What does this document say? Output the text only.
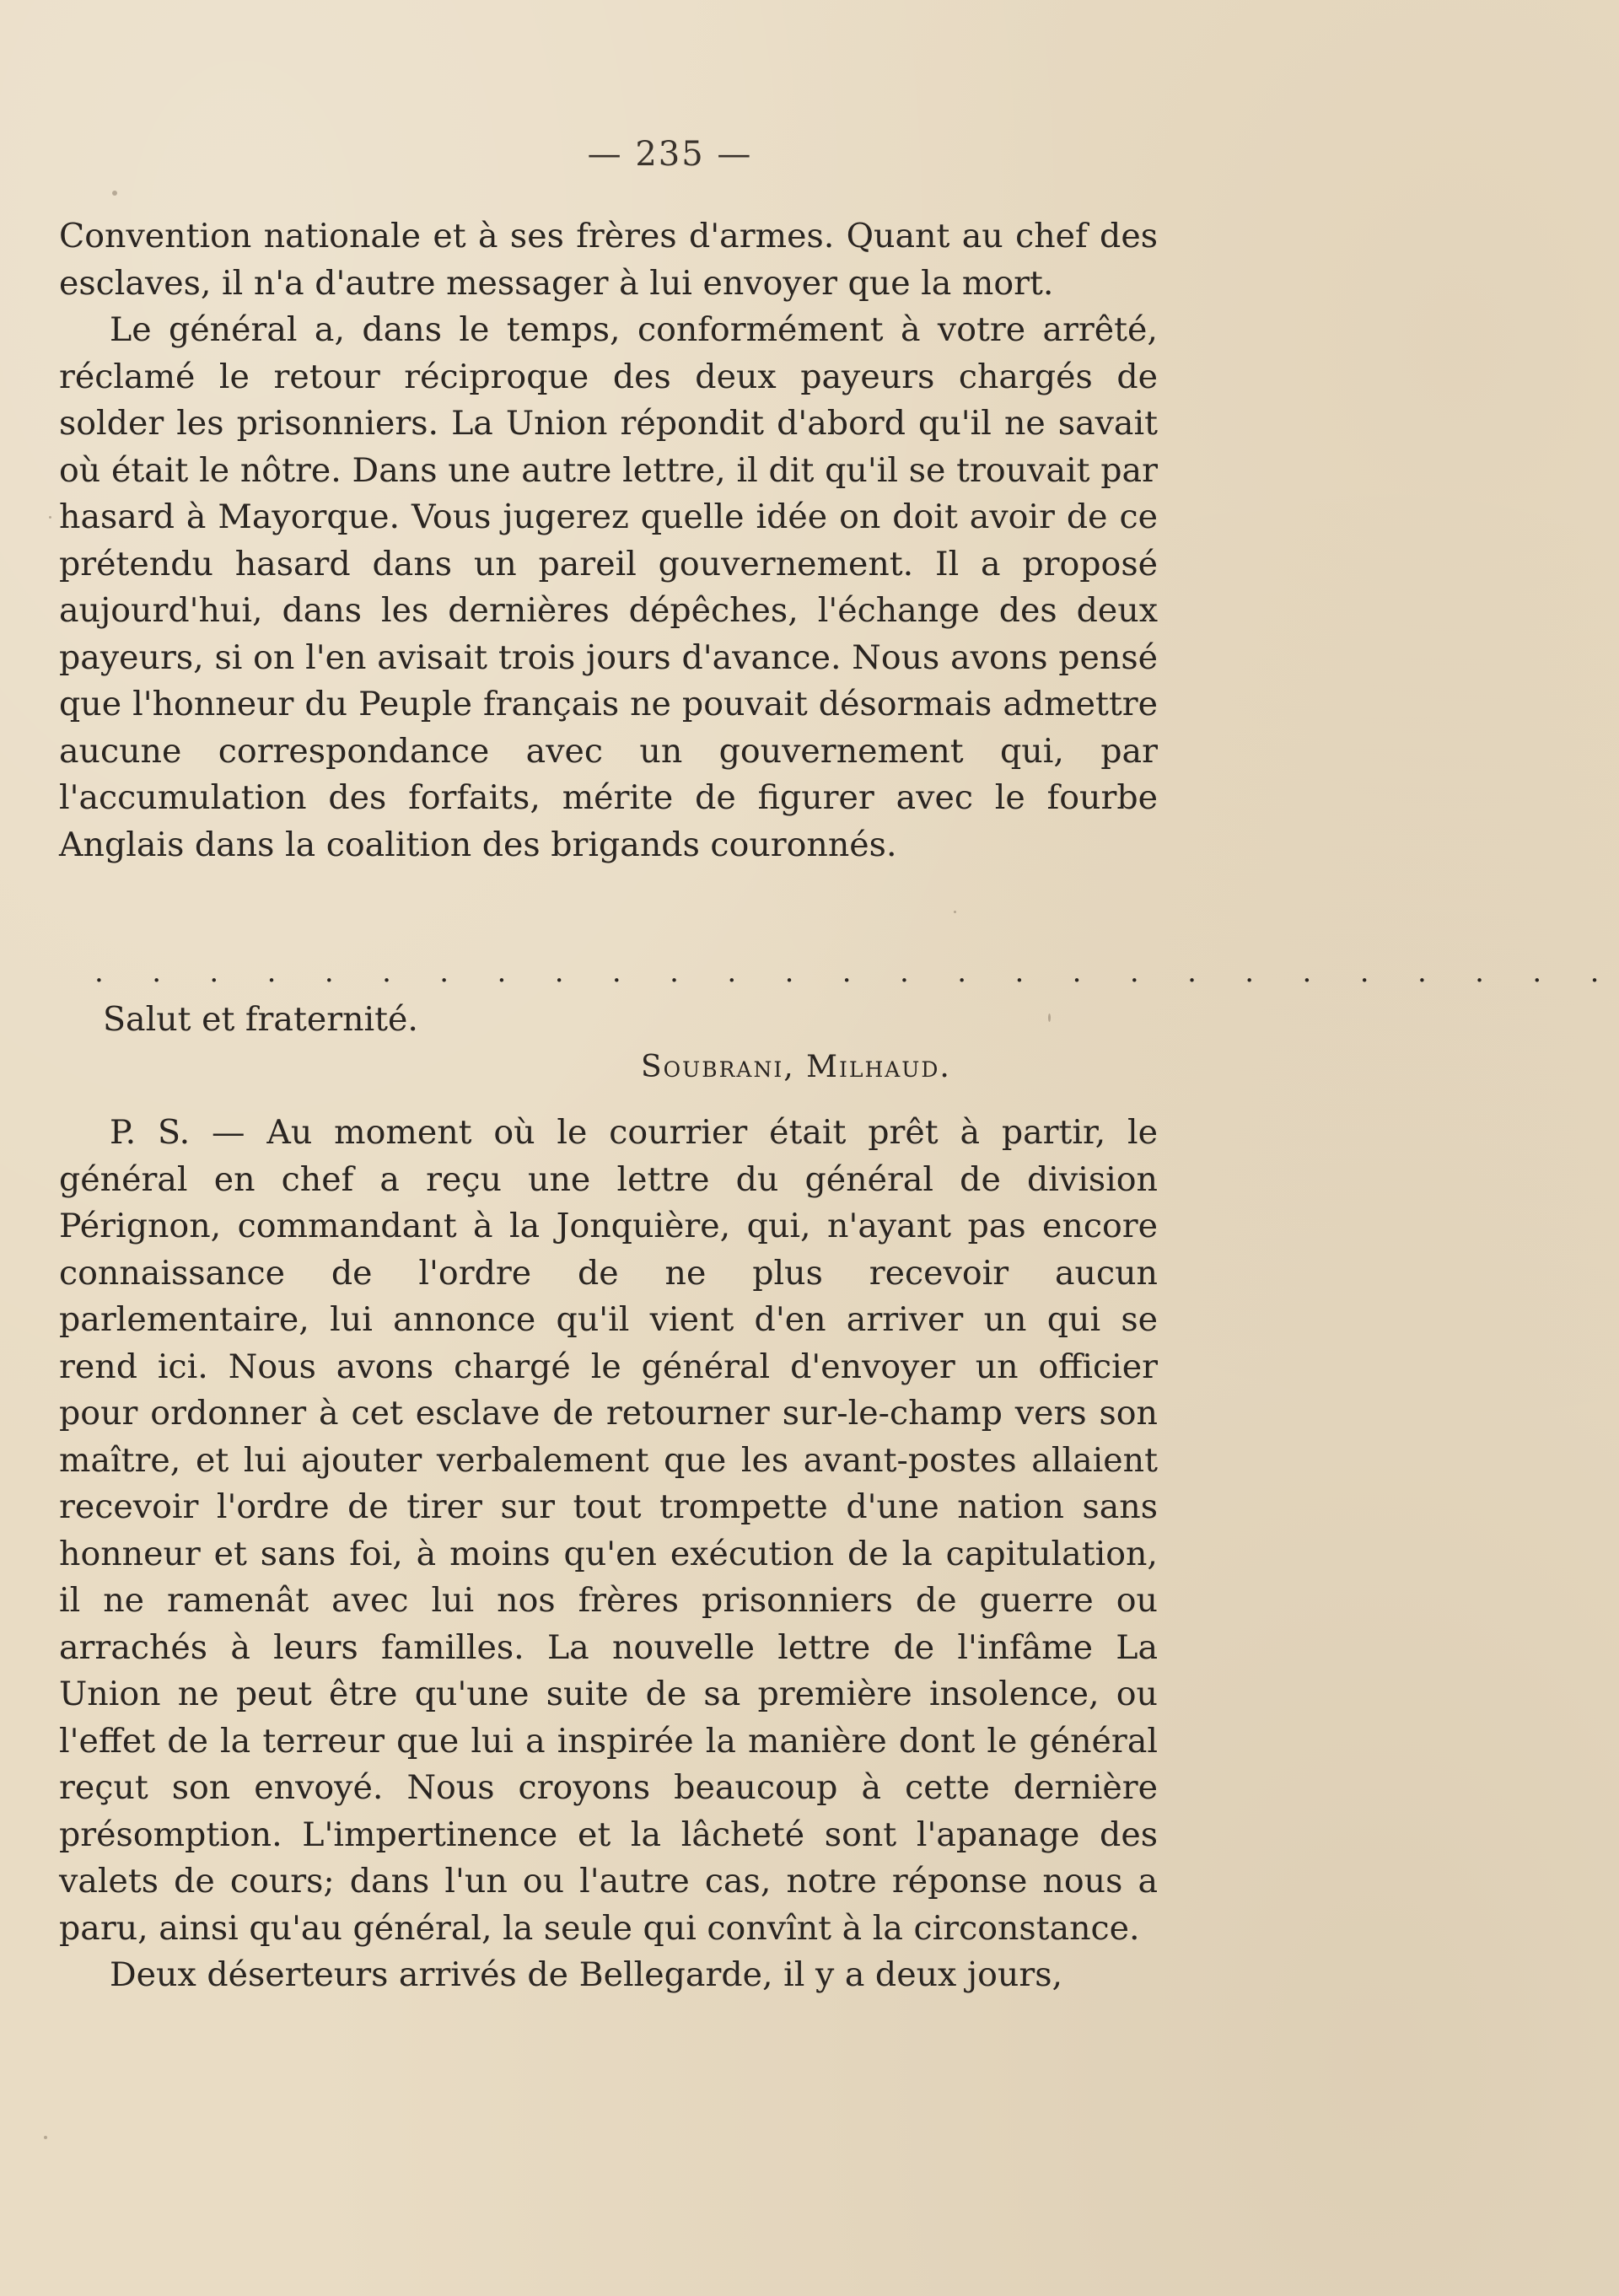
— 235 —

Convention nationale et à ses frères d'armes. Quant au chef des esclaves, il n'a d'autre messager à lui envoyer que la mort.

Le général a, dans le temps, conformément à votre arrêté, réclamé le retour réciproque des deux payeurs chargés de solder les prisonniers. La Union répondit d'abord qu'il ne savait où était le nôtre. Dans une autre lettre, il dit qu'il se trouvait par hasard à Mayorque. Vous jugerez quelle idée on doit avoir de ce prétendu hasard dans un pareil gouvernement. Il a proposé aujourd'hui, dans les dernières dépêches, l'échange des deux payeurs, si on l'en avisait trois jours d'avance. Nous avons pensé que l'honneur du Peuple français ne pouvait désormais admettre aucune correspondance avec un gouvernement qui, par l'accumulation des forfaits, mérite de figurer avec le fourbe Anglais dans la coalition des brigands couronnés.

. . . . . . . . . . . . . . . . . . . . . . . . . . .
Salut et fraternité.
Soubrani, Milhaud.

P. S. — Au moment où le courrier était prêt à partir, le général en chef a reçu une lettre du général de division Pérignon, commandant à la Jonquière, qui, n'ayant pas encore connaissance de l'ordre de ne plus recevoir aucun parlementaire, lui annonce qu'il vient d'en arriver un qui se rend ici. Nous avons chargé le général d'envoyer un officier pour ordonner à cet esclave de retourner sur-le-champ vers son maître, et lui ajouter verbalement que les avant-postes allaient recevoir l'ordre de tirer sur tout trompette d'une nation sans honneur et sans foi, à moins qu'en exécution de la capitulation, il ne ramenât avec lui nos frères prisonniers de guerre ou arrachés à leurs familles. La nouvelle lettre de l'infâme La Union ne peut être qu'une suite de sa première insolence, ou l'effet de la terreur que lui a inspirée la manière dont le général reçut son envoyé. Nous croyons beaucoup à cette dernière présomption. L'impertinence et la lâcheté sont l'apanage des valets de cours; dans l'un ou l'autre cas, notre réponse nous a paru, ainsi qu'au général, la seule qui convînt à la circonstance.

Deux déserteurs arrivés de Bellegarde, il y a deux jours,
